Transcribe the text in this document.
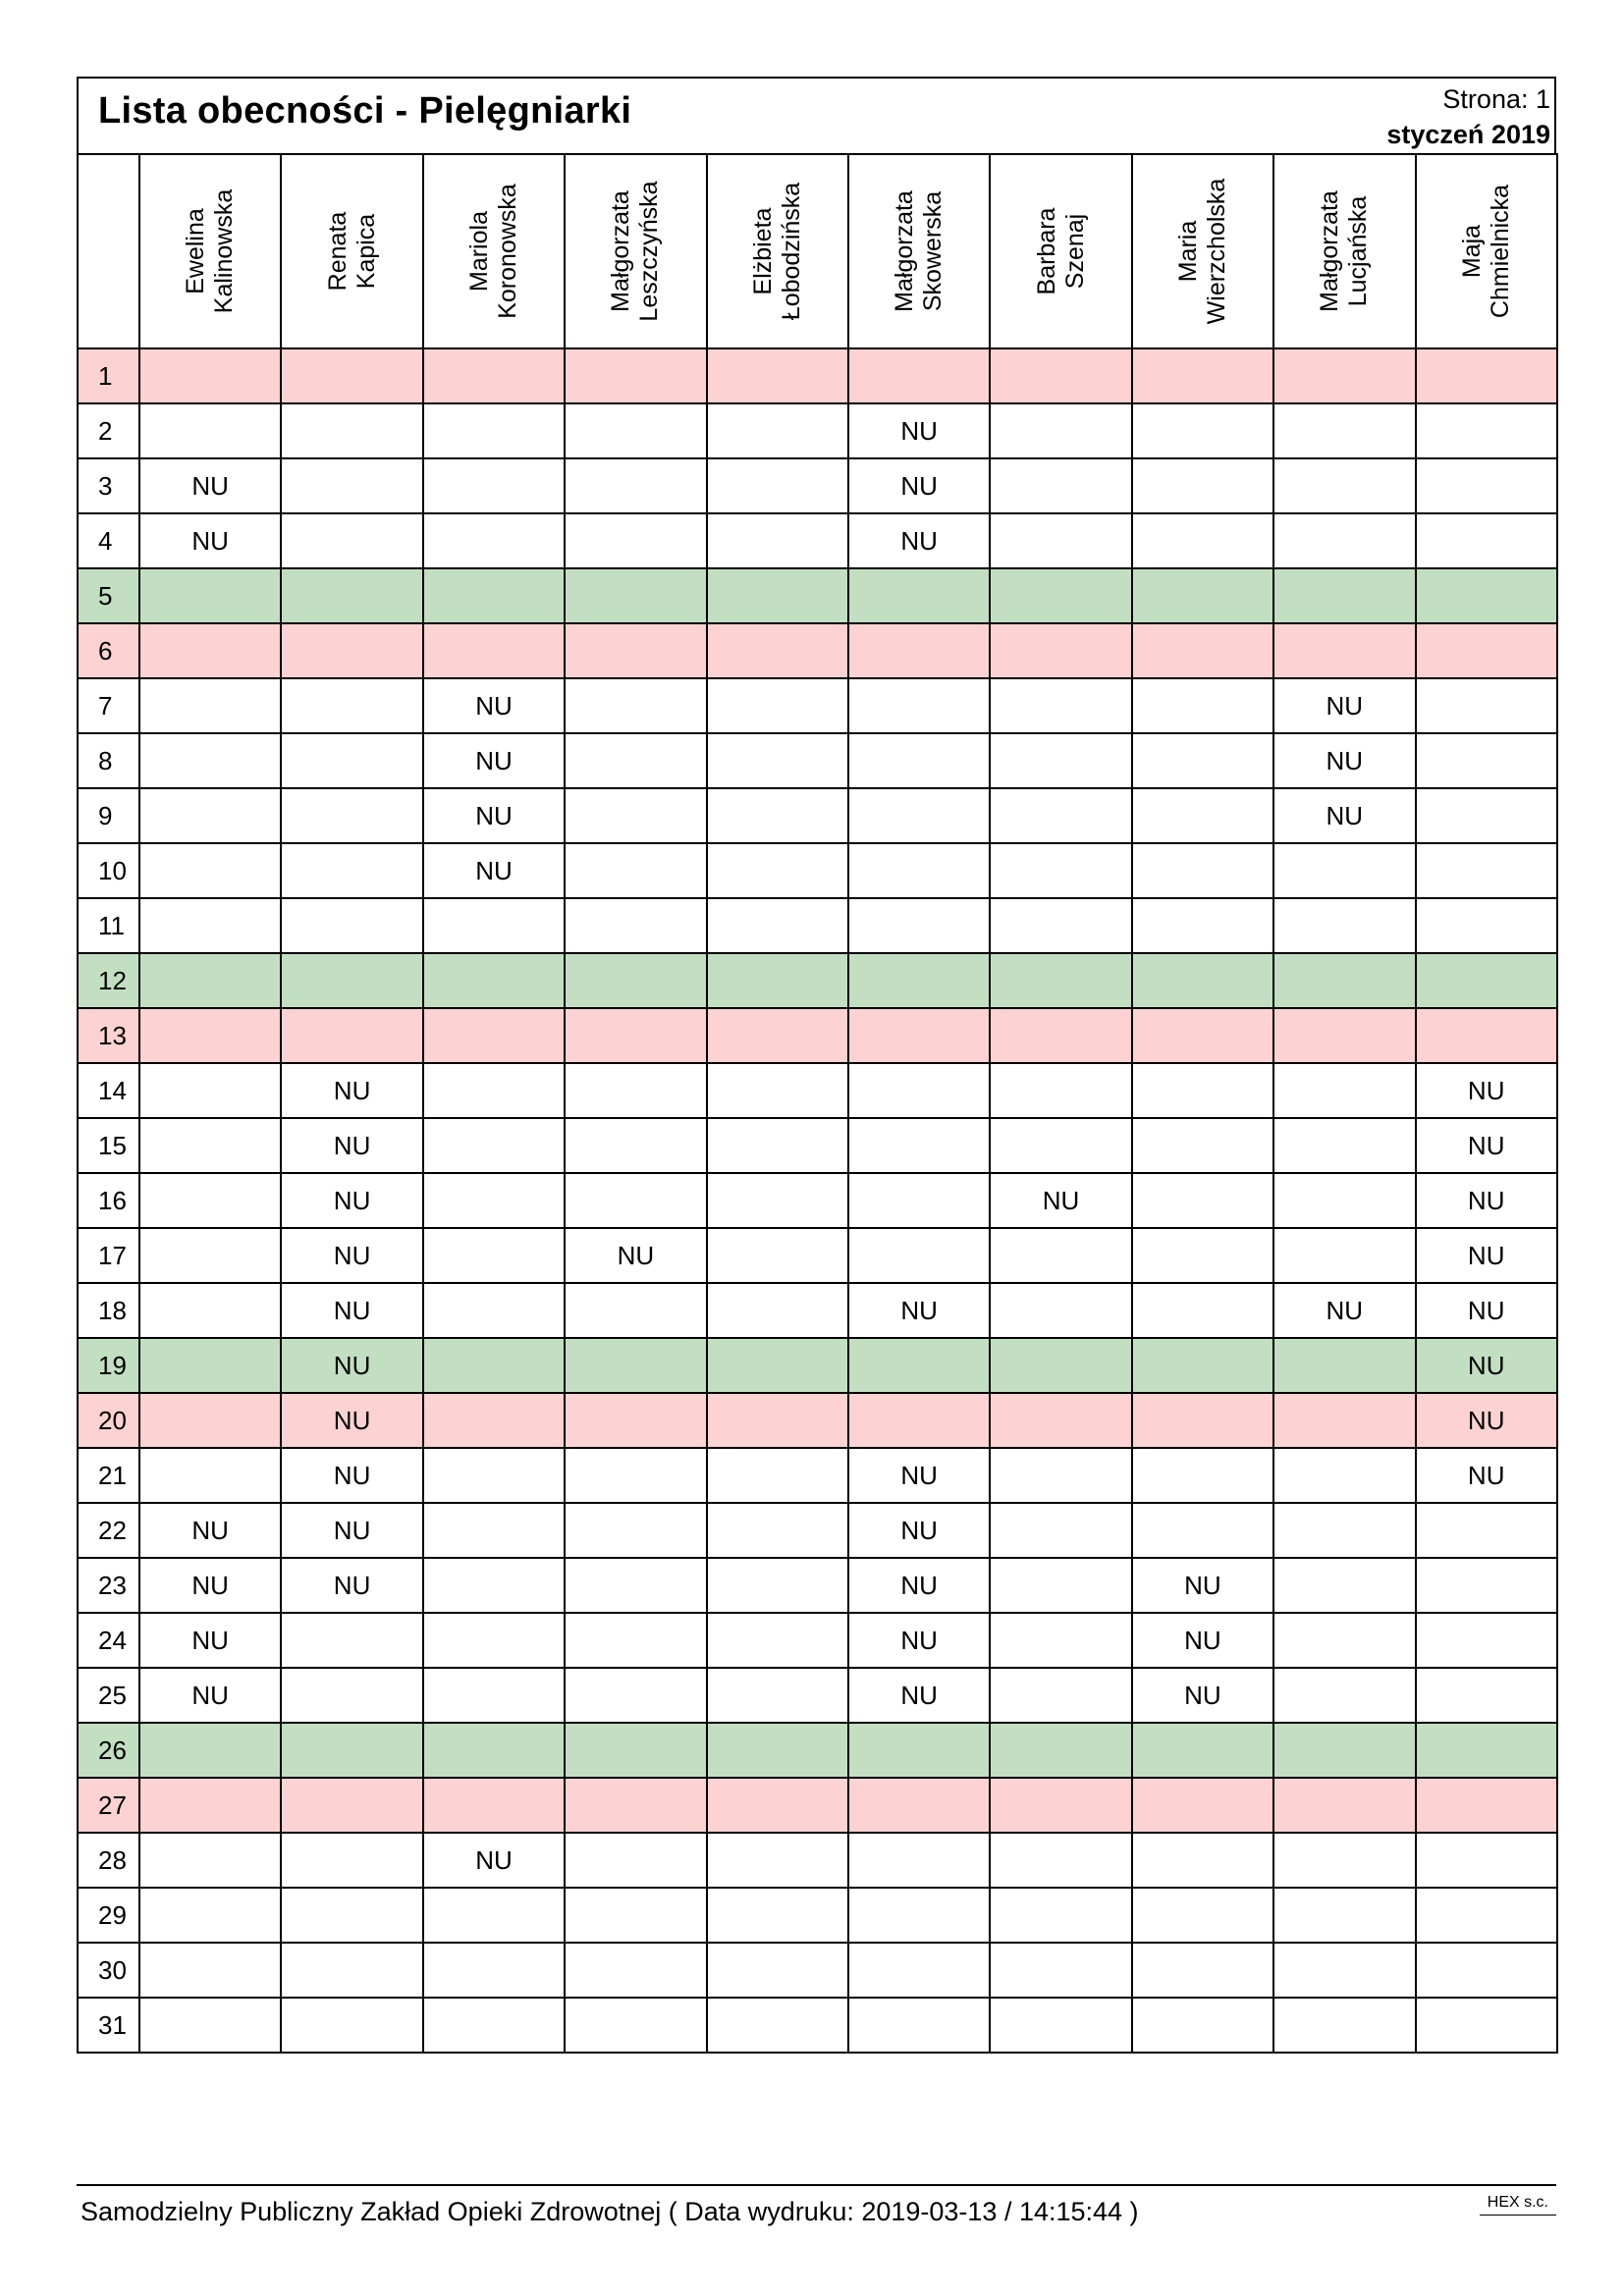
Lista obecności - Pielęgniarki	Strona: 1
styczeń 2019

	Ewelina Kalinowska	Renata Kapica	Mariola Koronowska	Małgorzata Leszczyńska	Elżbieta Łobodzińska	Małgorzata Skowerska	Barbara Szenaj	Maria Wierzcholska	Małgorzata Lucjańska	Maja Chmielnicka

1										
2						NU				
3	NU					NU				
4	NU					NU				
5										
6										
7			NU						NU	
8			NU						NU	
9			NU						NU	
10			NU							
11										
12										
13										
14		NU								NU
15		NU								NU
16		NU					NU			NU
17		NU		NU						NU
18		NU				NU			NU	NU
19		NU								NU
20		NU								NU
21		NU				NU				NU
22	NU	NU				NU				
23	NU	NU				NU		NU		
24	NU					NU		NU		
25	NU					NU		NU		
26										
27										
28			NU							
29										
30										
31										
Samodzielny Publiczny Zakład Opieki Zdrowotnej ( Data wydruku: 2019-03-13 / 14:15:44 )	HEX s.c.
